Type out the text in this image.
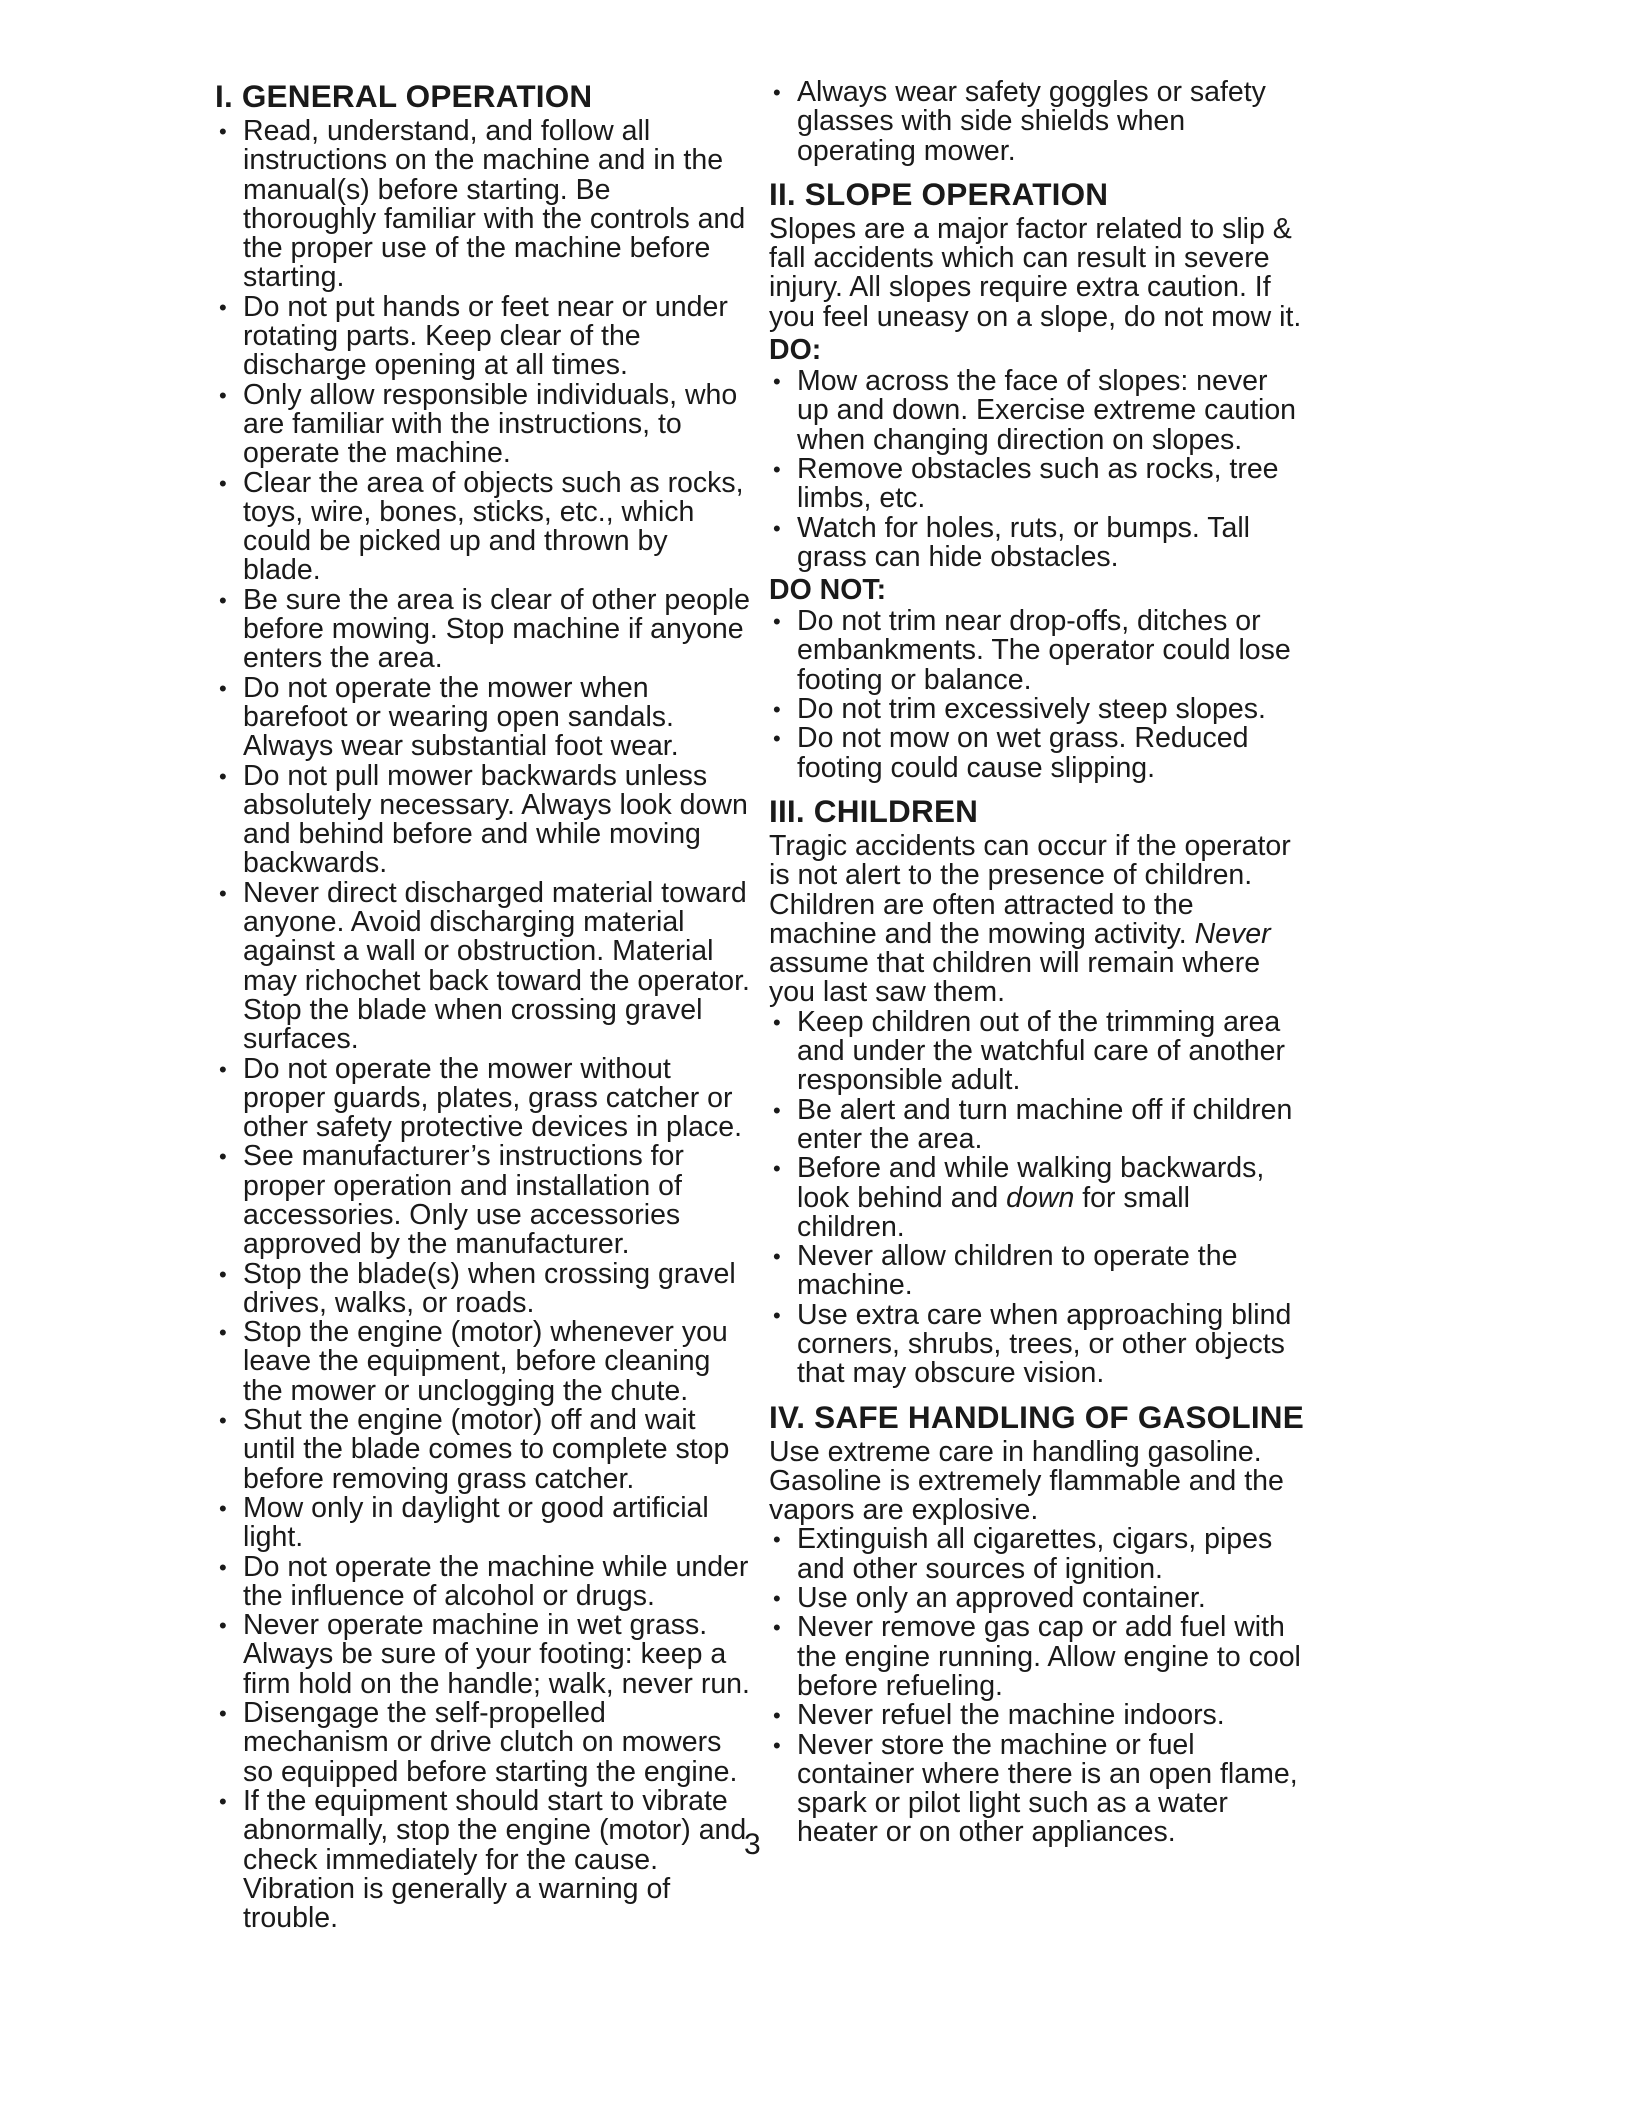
I. GENERAL OPERATION
• Read, understand, and follow all instructions on the machine and in the manual(s) before starting. Be thoroughly familiar with the controls and the proper use of the machine before starting.
• Do not put hands or feet near or under rotating parts. Keep clear of the discharge opening at all times.
• Only allow responsible individuals, who are familiar with the instructions, to operate the machine.
• Clear the area of objects such as rocks, toys, wire, bones, sticks, etc., which could be picked up and thrown by blade.
• Be sure the area is clear of other people before mowing. Stop machine if anyone enters the area.
• Do not operate the mower when barefoot or wearing open sandals. Always wear substantial foot wear.
• Do not pull mower backwards unless absolutely necessary. Always look down and behind before and while moving backwards.
• Never direct discharged material toward anyone. Avoid discharging material against a wall or obstruction. Material may richochet back toward the operator. Stop the blade when crossing gravel surfaces.
• Do not operate the mower without proper guards, plates, grass catcher or other safety protective devices in place.
• See manufacturer’s instructions for proper operation and installation of accessories. Only use accessories approved by the manufacturer.
• Stop the blade(s) when crossing gravel drives, walks, or roads.
• Stop the engine (motor) whenever you leave the equipment, before cleaning the mower or unclogging the chute.
• Shut the engine (motor) off and wait until the blade comes to complete stop before removing grass catcher.
• Mow only in daylight or good artificial light.
• Do not operate the machine while under the influence of alcohol or drugs.
• Never operate machine in wet grass. Always be sure of your footing: keep a firm hold on the handle; walk, never run.
• Disengage the self-propelled mechanism or drive clutch on mowers so equipped before starting the engine.
• If the equipment should start to vibrate abnormally, stop the engine (motor) and check immediately for the cause. Vibration is generally a warning of trouble.
• Always wear safety goggles or safety glasses with side shields when operating mower.
II. SLOPE OPERATION

Slopes are a major factor related to slip & fall accidents which can result in severe injury. All slopes require extra caution. If you feel uneasy on a slope, do not mow it.

DO:
• Mow across the face of slopes: never up and down. Exercise extreme caution when changing direction on slopes.
• Remove obstacles such as rocks, tree limbs, etc.
• Watch for holes, ruts, or bumps. Tall grass can hide obstacles.
DO NOT:
• Do not trim near drop-offs, ditches or embankments. The operator could lose footing or balance.
• Do not trim excessively steep slopes.
• Do not mow on wet grass. Reduced footing could cause slipping.
III. CHILDREN

Tragic accidents can occur if the operator is not alert to the presence of children. Children are often attracted to the machine and the mowing activity. Never assume that children will remain where you last saw them.

• Keep children out of the trimming area and under the watchful care of another responsible adult.
• Be alert and turn machine off if children enter the area.
• Before and while walking backwards, look behind and down for small children.
• Never allow children to operate the machine.
• Use extra care when approaching blind corners, shrubs, trees, or other objects that may obscure vision.
IV. SAFE HANDLING OF GASOLINE

Use extreme care in handling gasoline. Gasoline is extremely flammable and the vapors are explosive.

• Extinguish all cigarettes, cigars, pipes and other sources of ignition.
• Use only an approved container.
• Never remove gas cap or add fuel with the engine running. Allow engine to cool before refueling.
• Never refuel the machine indoors.
• Never store the machine or fuel container where there is an open flame, spark or pilot light such as a water heater or on other appliances.
3
